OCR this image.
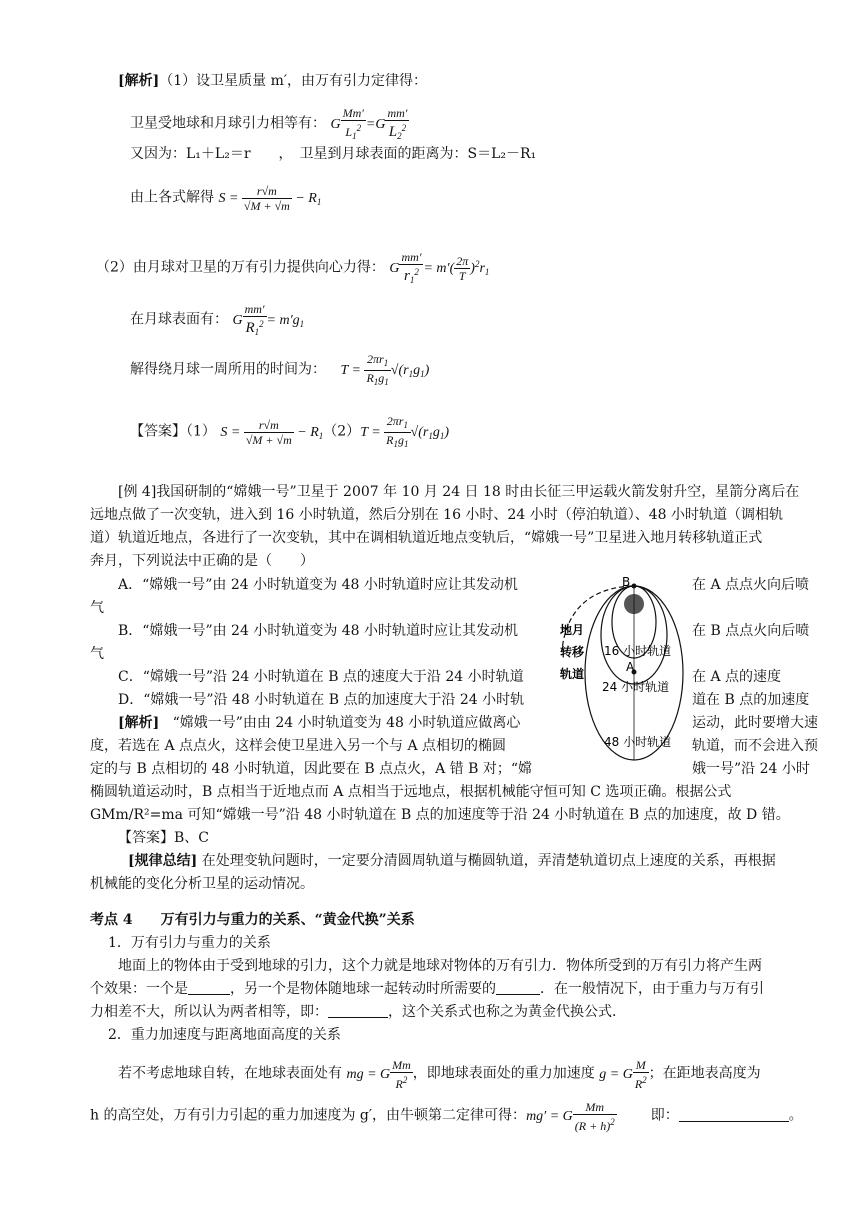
[解析]（1）设卫星质量 m′，由万有引力定律得：
卫星受地球和月球引力相等有： G $\frac{Mm'}{L_1^2} =G \frac{mm'}{L_2^2}$
又因为：L₁＋L₂＝r　　，　卫星到月球表面的距离为：S＝L₂－R₁
由上各式解得 $S = \frac{r√m}{√M + √m} - R_1$
（2）由月球对卫星的万有引力提供向心力得： G $\frac{mm'}{r_1^2} = m'( \frac{2\pi}{T} )^2r_1$
在月球表面有： G $\frac{mm'}{R_1^2} = m'g_1$
解得绕月球一周所用的时间为： $T = \frac{2\pi r_1}{R_1g_1} √(r_1g_1)$
【答案】（1） $S = \frac{r√m}{√M + √m} - R_1(2)T = \frac{2\pi r_1}{R_1g_1} √(r_1g_1)$
[例 4]我国研制的“嫦娥一号”卫星于 2007 年 10 月 24 日 18 时由长征三甲运载火箭发射升空，星箭分离后在
远地点做了一次变轨，进入到 16 小时轨道，然后分别在 16 小时、24 小时（停泊轨道）、48 小时轨道（调相轨
道）轨道近地点，各进行了一次变轨，其中在调相轨道近地点变轨后，“嫦娥一号”卫星进入地月转移轨道正式
奔月，下列说法中正确的是（　　）
A．“嫦娥一号”由 24 小时轨道变为 48 小时轨道时应让其发动机	在 A 点点火向后喷
气
B．“嫦娥一号”由 24 小时轨道变为 48 小时轨道时应让其发动机	在 B 点点火向后喷
气
C．“嫦娥一号”沿 24 小时轨道在 B 点的速度大于沿 24 小时轨道	在 A 点的速度
D．“嫦娥一号”沿 48 小时轨道在 B 点的加速度大于沿 24 小时轨	道在 B 点的加速度
[解析] “嫦娥一号”由由 24 小时轨道变为 48 小时轨道应做离心	运动，此时要增大速
度，若选在 A 点点火，这样会使卫星进入另一个与 A 点相切的椭圆	轨道，而不会进入预
定的与 B 点相切的 48 小时轨道，因此要在 B 点点火，A 错 B 对；“嫦	娥一号”沿 24 小时
椭圆轨道运动时，B 点相当于近地点而 A 点相当于远地点，根据机械能守恒可知 C 选项正确。根据公式
GMm/R²=ma 可知“嫦娥一号”沿 48 小时轨道在 B 点的加速度等于沿 24 小时轨道在 B 点的加速度，故 D 错。
【答案】B、C
[规律总结] 在处理变轨问题时，一定要分清圆周轨道与椭圆轨道，弄清楚轨道切点上速度的关系，再根据
机械能的变化分析卫星的运动情况。
B
A
地月
转移
轨道
16 小时轨道
24 小时轨道
48 小时轨道
考点 4　　万有引力与重力的关系、“黄金代换”关系
1．万有引力与重力的关系
地面上的物体由于受到地球的引力，这个力就是地球对物体的万有引力．物体所受到的万有引力将产生两
个效果：一个是	，另一个是物体随地球一起转动时所需要的	．在一般情况下，由于重力与万有引
力相差不大，所以认为两者相等，即：	，这个关系式也称之为黄金代换公式．
2．重力加速度与距离地面高度的关系
若不考虑地球自转，在地球表面处有 mg = G $\frac{Mm}{R^2}$ ，即地球表面处的重力加速度 g = G $\frac{M}{R^2}$ ；在距地表高度为
h 的高空处，万有引力引起的重力加速度为 g′，由牛顿第二定律可得：mg′ = G $\frac{Mm}{(R + h)^2}$ 即：	。
